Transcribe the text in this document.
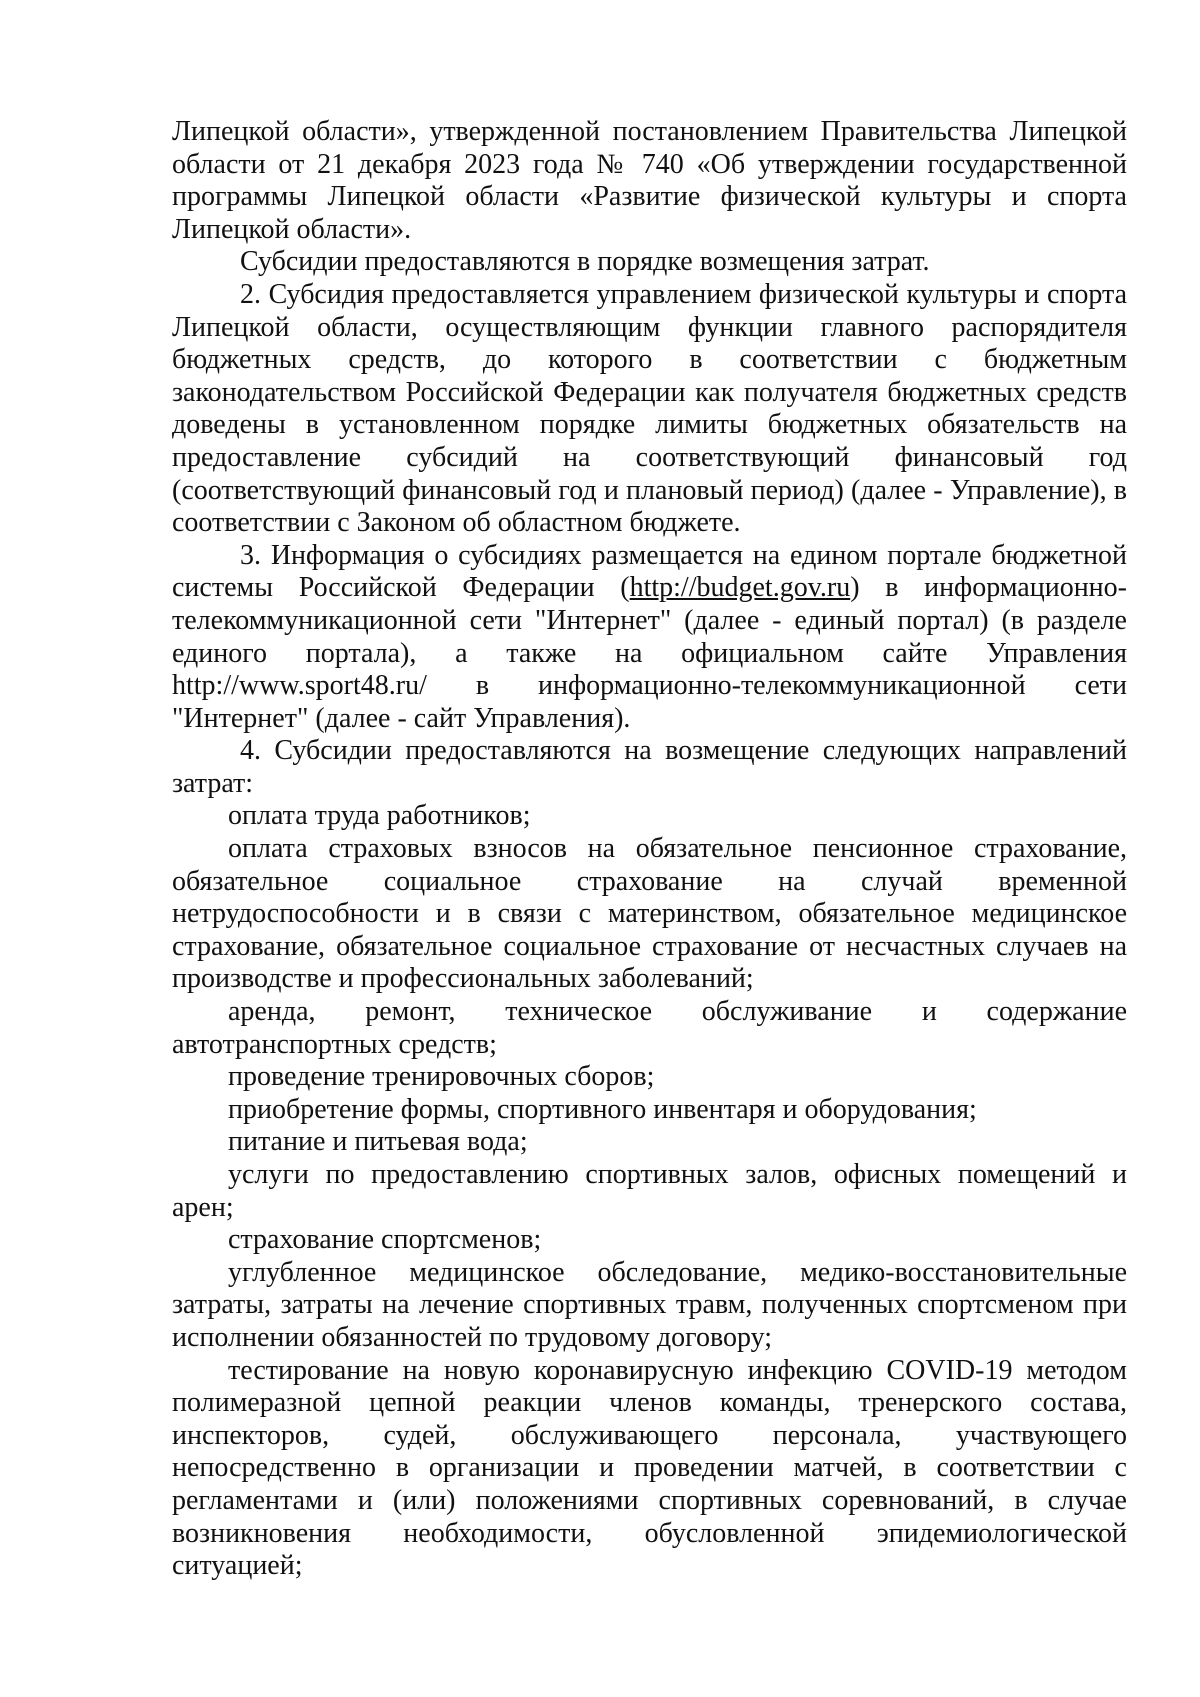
Липецкой области», утвержденной постановлением Правительства Липецкой области от 21 декабря 2023 года № 740 «Об утверждении государственной программы Липецкой области «Развитие физической культуры и спорта Липецкой области».

Субсидии предоставляются в порядке возмещения затрат.

2. Субсидия предоставляется управлением физической культуры и спорта Липецкой области, осуществляющим функции главного распорядителя бюджетных средств, до которого в соответствии с бюджетным законодательством Российской Федерации как получателя бюджетных средств доведены в установленном порядке лимиты бюджетных обязательств на предоставление субсидий на соответствующий финансовый год (соответствующий финансовый год и плановый период) (далее - Управление), в соответствии с Законом об областном бюджете.

3. Информация о субсидиях размещается на едином портале бюджетной системы Российской Федерации (http://budget.gov.ru) в информационно-телекоммуникационной сети "Интернет" (далее - единый портал) (в разделе единого портала), а также на официальном сайте Управления http://www.sport48.ru/ в информационно-телекоммуникационной сети "Интернет" (далее - сайт Управления).

4. Субсидии предоставляются на возмещение следующих направлений затрат:

оплата труда работников;

оплата страховых взносов на обязательное пенсионное страхование, обязательное социальное страхование на случай временной нетрудоспособности и в связи с материнством, обязательное медицинское страхование, обязательное социальное страхование от несчастных случаев на производстве и профессиональных заболеваний;

аренда, ремонт, техническое обслуживание и содержание автотранспортных средств;

проведение тренировочных сборов;

приобретение формы, спортивного инвентаря и оборудования;

питание и питьевая вода;

услуги по предоставлению спортивных залов, офисных помещений и арен;

страхование спортсменов;

углубленное медицинское обследование, медико-восстановительные затраты, затраты на лечение спортивных травм, полученных спортсменом при исполнении обязанностей по трудовому договору;

тестирование на новую коронавирусную инфекцию COVID-19 методом полимеразной цепной реакции членов команды, тренерского состава, инспекторов, судей, обслуживающего персонала, участвующего непосредственно в организации и проведении матчей, в соответствии с регламентами и (или) положениями спортивных соревнований, в случае возникновения необходимости, обусловленной эпидемиологической ситуацией;
